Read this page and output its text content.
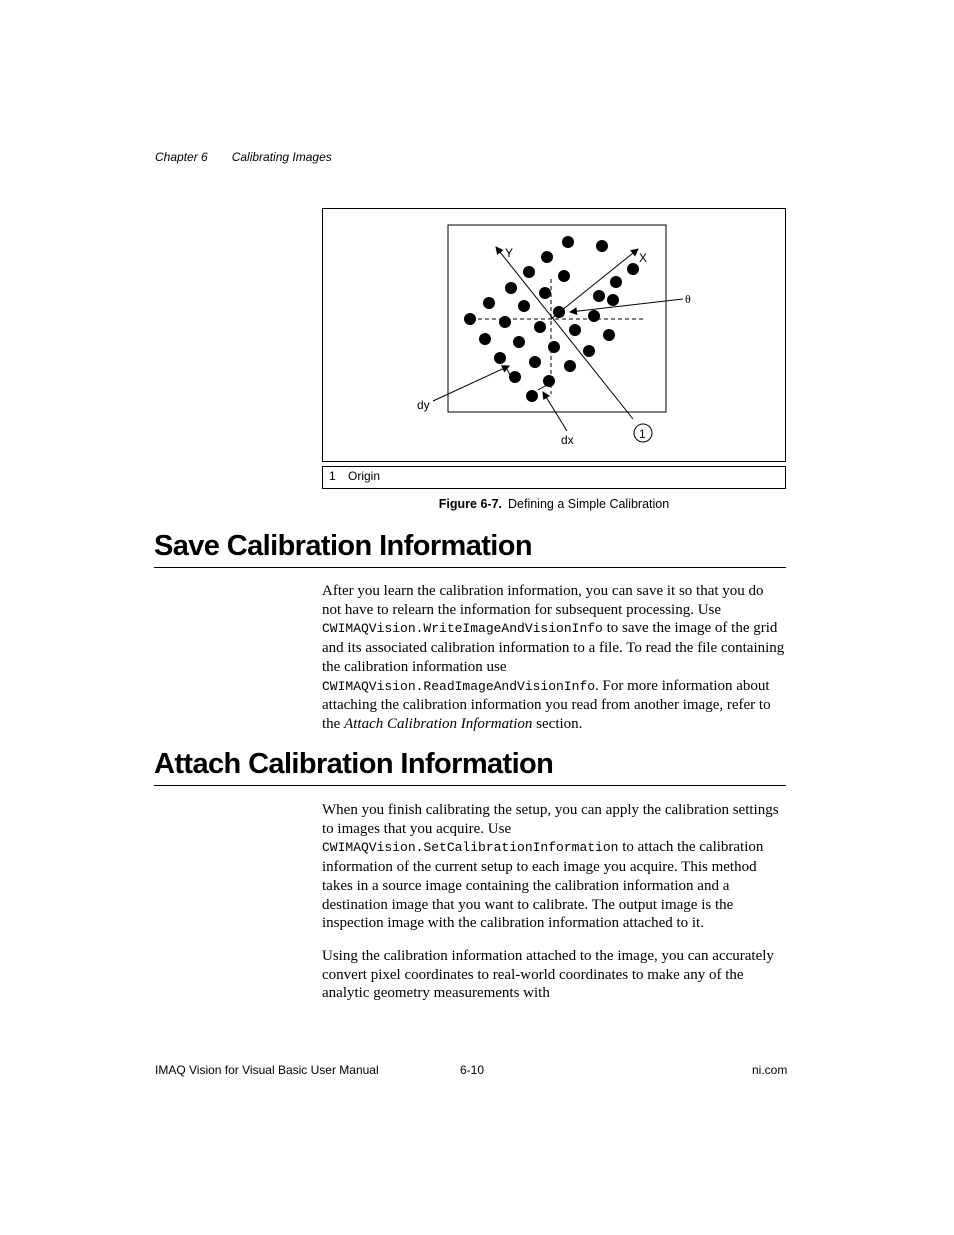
Chapter 6 Calibrating Images
Y	X
θ
dy
dx	1
1 Origin
Figure 6-7. Defining a Simple Calibration
Save Calibration Information

After you learn the calibration information, you can save it so that you do not have to relearn the information for subsequent processing. Use CWIMAQVision.WriteImageAndVisionInfo to save the image of the grid and its associated calibration information to a file. To read the file containing the calibration information use CWIMAQVision.ReadImageAndVisionInfo. For more information about attaching the calibration information you read from another image, refer to the Attach Calibration Information section.

Attach Calibration Information

When you finish calibrating the setup, you can apply the calibration settings to images that you acquire. Use CWIMAQVision.SetCalibrationInformation to attach the calibration information of the current setup to each image you acquire. This method takes in a source image containing the calibration information and a destination image that you want to calibrate. The output image is the inspection image with the calibration information attached to it.

Using the calibration information attached to the image, you can accurately convert pixel coordinates to real-world coordinates to make any of the analytic geometry measurements with

IMAQ Vision for Visual Basic User Manual	6-10	ni.com
